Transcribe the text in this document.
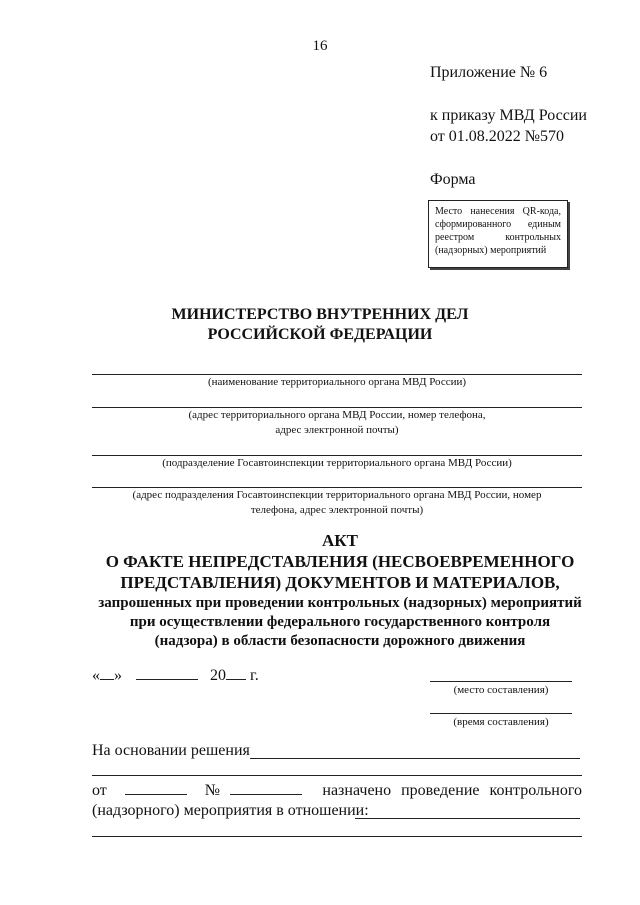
16
Приложение № 6
к приказу МВД России
от 01.08.2022 №570
Форма
Место нанесения QR-кода, сформированного единым реестром контрольных (надзорных) мероприятий
МИНИСТЕРСТВО ВНУТРЕННИХ ДЕЛ
РОССИЙСКОЙ ФЕДЕРАЦИИ
(наименование территориального органа МВД России)
(адрес территориального органа МВД России, номер телефона,
адрес электронной почты)
(подразделение Госавтоинспекции территориального органа МВД России)
(адрес подразделения Госавтоинспекции территориального органа МВД России, номер
телефона, адрес электронной почты)
АКТ
О ФАКТЕ НЕПРЕДСТАВЛЕНИЯ (НЕСВОЕВРЕМЕННОГО
ПРЕДСТАВЛЕНИЯ) ДОКУМЕНТОВ И МАТЕРИАЛОВ,
запрошенных при проведении контрольных (надзорных) мероприятий
при осуществлении федерального государственного контроля
(надзора) в области безопасности дорожного движения
« »	20 г.
(место составления)
(время составления)
На основании решения
от	№	назначено проведение контрольного
(надзорного) мероприятия в отношении:
